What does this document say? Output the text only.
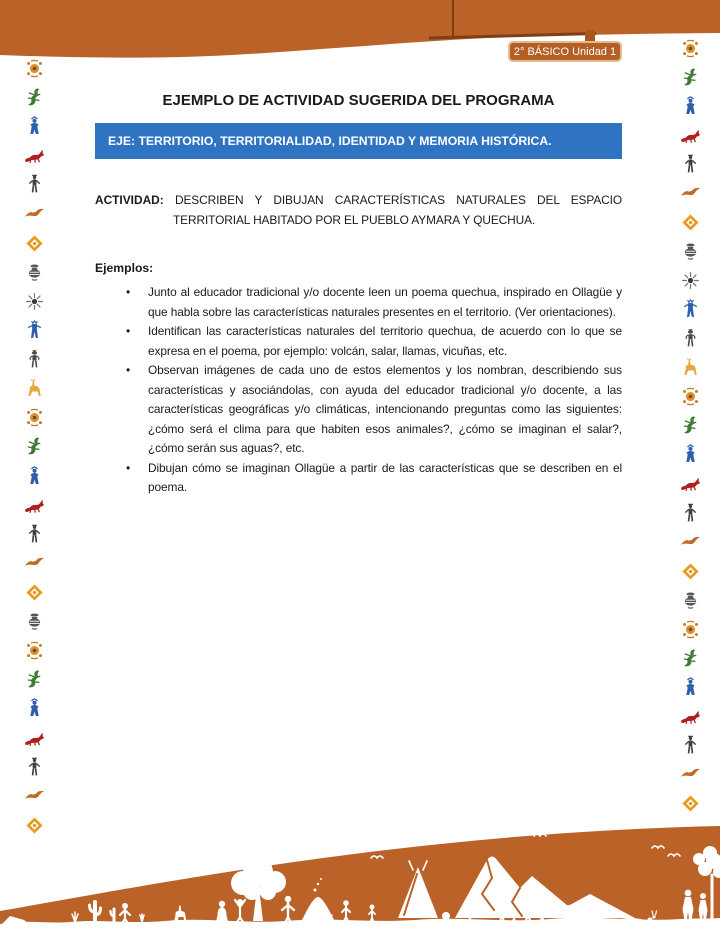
2° BÁSICO Unidad 1
EJEMPLO DE ACTIVIDAD SUGERIDA DEL PROGRAMA
EJE: TERRITORIO, TERRITORIALIDAD, IDENTIDAD Y MEMORIA HISTÓRICA.

ACTIVIDAD: DESCRIBEN Y DIBUJAN CARACTERÍSTICAS NATURALES DEL ESPACIO TERRITORIAL HABITADO POR EL PUEBLO AYMARA Y QUECHUA.

Ejemplos:

• Junto al educador tradicional y/o docente leen un poema quechua, inspirado en Ollagüe y que habla sobre las características naturales presentes en el territorio. (Ver orientaciones).
• Identifican las características naturales del territorio quechua, de acuerdo con lo que se expresa en el poema, por ejemplo: volcán, salar, llamas, vicuñas, etc.
• Observan imágenes de cada uno de estos elementos y los nombran, describiendo sus características y asociándolas, con ayuda del educador tradicional y/o docente, a las características geográficas y/o climáticas, intencionando preguntas como las siguientes: ¿cómo será el clima para que habiten esos animales?, ¿cómo se imaginan el salar?, ¿cómo serán sus aguas?, etc.
• Dibujan cómo se imaginan Ollagüe a partir de las características que se describen en el poema.
